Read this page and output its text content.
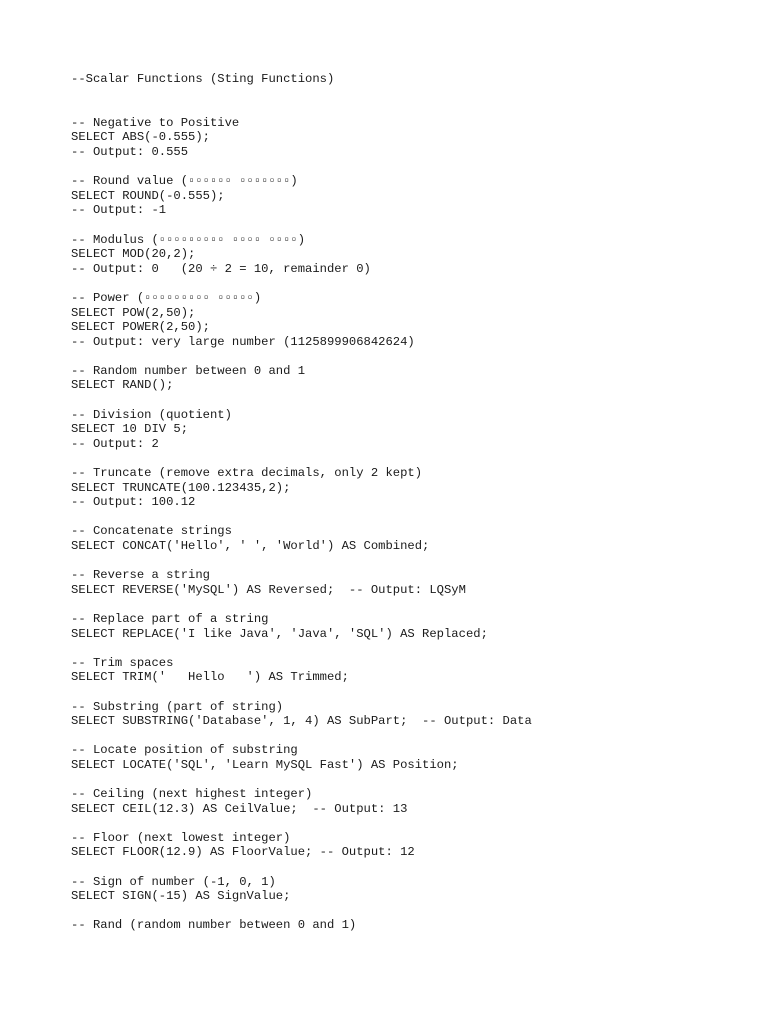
--Scalar Functions (Sting Functions)
-- Negative to Positive
SELECT ABS(-0.555);
-- Output: 0.555
-- Round value (▫▫▫▫▫▫ ▫▫▫▫▫▫▫)
SELECT ROUND(-0.555);
-- Output: -1
-- Modulus (▫▫▫▫▫▫▫▫▫ ▫▫▫▫ ▫▫▫▫)
SELECT MOD(20,2);
-- Output: 0   (20 ÷ 2 = 10, remainder 0)
-- Power (▫▫▫▫▫▫▫▫▫ ▫▫▫▫▫)
SELECT POW(2,50);
SELECT POWER(2,50);
-- Output: very large number (1125899906842624)
-- Random number between 0 and 1
SELECT RAND();
-- Division (quotient)
SELECT 10 DIV 5;
-- Output: 2
-- Truncate (remove extra decimals, only 2 kept)
SELECT TRUNCATE(100.123435,2);
-- Output: 100.12
-- Concatenate strings
SELECT CONCAT('Hello', ' ', 'World') AS Combined;
-- Reverse a string
SELECT REVERSE('MySQL') AS Reversed;  -- Output: LQSyM
-- Replace part of a string
SELECT REPLACE('I like Java', 'Java', 'SQL') AS Replaced;
-- Trim spaces
SELECT TRIM('   Hello   ') AS Trimmed;
-- Substring (part of string)
SELECT SUBSTRING('Database', 1, 4) AS SubPart;  -- Output: Data
-- Locate position of substring
SELECT LOCATE('SQL', 'Learn MySQL Fast') AS Position;
-- Ceiling (next highest integer)
SELECT CEIL(12.3) AS CeilValue;  -- Output: 13
-- Floor (next lowest integer)
SELECT FLOOR(12.9) AS FloorValue; -- Output: 12
-- Sign of number (-1, 0, 1)
SELECT SIGN(-15) AS SignValue;
-- Rand (random number between 0 and 1)
